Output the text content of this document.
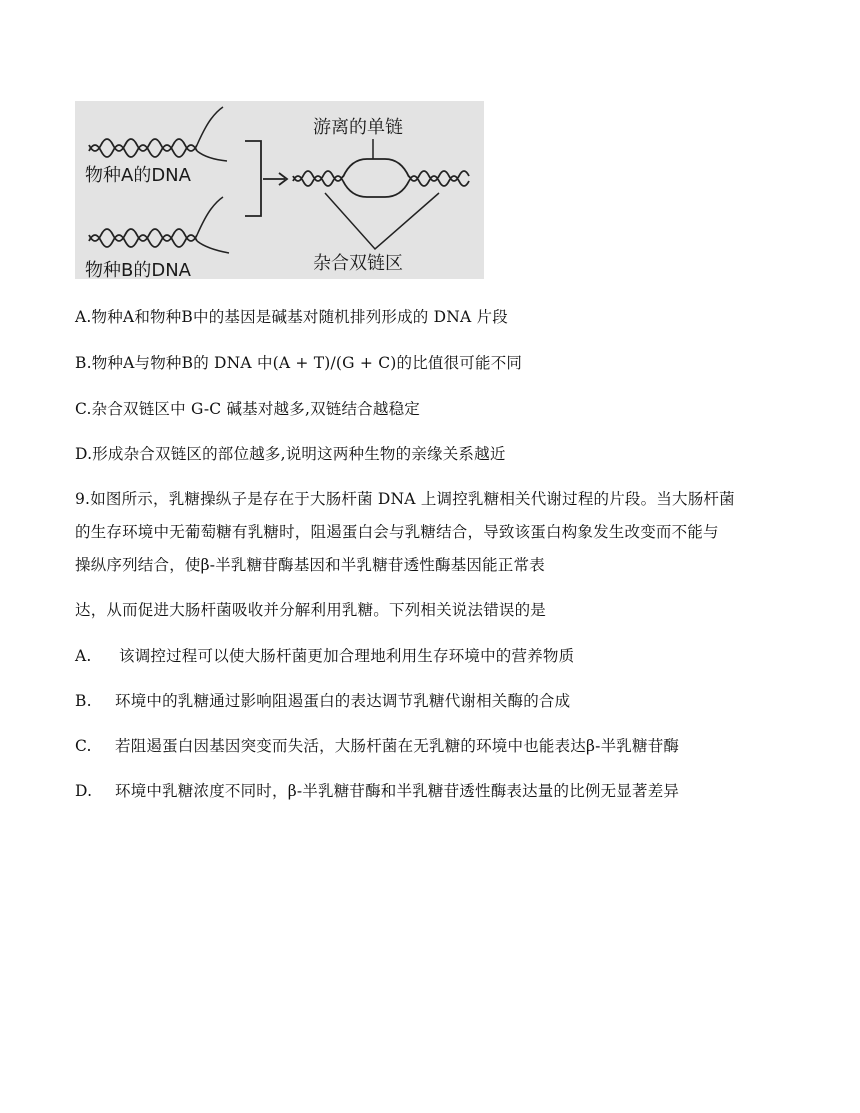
物种A的DNA
物种B的DNA
游离的单链
杂合双链区
A.物种A和物种B中的基因是碱基对随机排列形成的 DNA 片段
B.物种A与物种B的 DNA 中(A + T)/(G + C)的比值很可能不同
C.杂合双链区中 G-C 碱基对越多,双链结合越稳定
D.形成杂合双链区的部位越多,说明这两种生物的亲缘关系越近
9.如图所示，乳糖操纵子是存在于大肠杆菌 DNA 上调控乳糖相关代谢过程的片段。当大肠杆菌
的生存环境中无葡萄糖有乳糖时，阻遏蛋白会与乳糖结合，导致该蛋白构象发生改变而不能与
操纵序列结合，使β-半乳糖苷酶基因和半乳糖苷透性酶基因能正常表
达，从而促进大肠杆菌吸收并分解利用乳糖。下列相关说法错误的是
A. 该调控过程可以使大肠杆菌更加合理地利用生存环境中的营养物质
B. 环境中的乳糖通过影响阻遏蛋白的表达调节乳糖代谢相关酶的合成
C. 若阻遏蛋白因基因突变而失活，大肠杆菌在无乳糖的环境中也能表达β-半乳糖苷酶
D. 环境中乳糖浓度不同时，β-半乳糖苷酶和半乳糖苷透性酶表达量的比例无显著差异
